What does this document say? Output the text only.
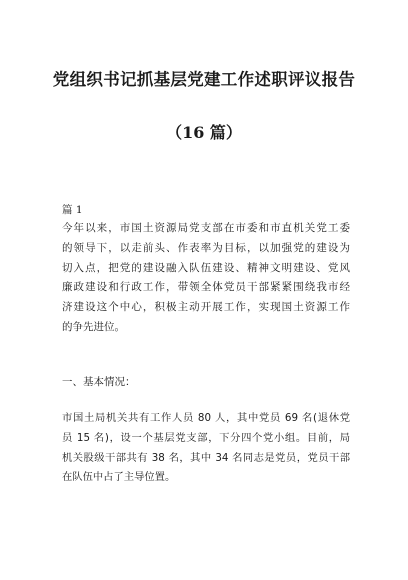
党组织书记抓基层党建工作述职评议报告
（16 篇）

篇 1

今年以来，市国土资源局党支部在市委和市直机关党工委
的领导下，以走前头、作表率为目标，以加强党的建设为
切入点，把党的建设融入队伍建设、精神文明建设、党风
廉政建设和行政工作，带领全体党员干部紧紧围绕我市经
济建设这个中心，积极主动开展工作，实现国土资源工作
的争先进位。

一、基本情况：

市国土局机关共有工作人员 80 人，其中党员 69 名(退休党
员 15 名)，设一个基层党支部，下分四个党小组。目前，局
机关股级干部共有 38 名，其中 34 名同志是党员，党员干部
在队伍中占了主导位置。
